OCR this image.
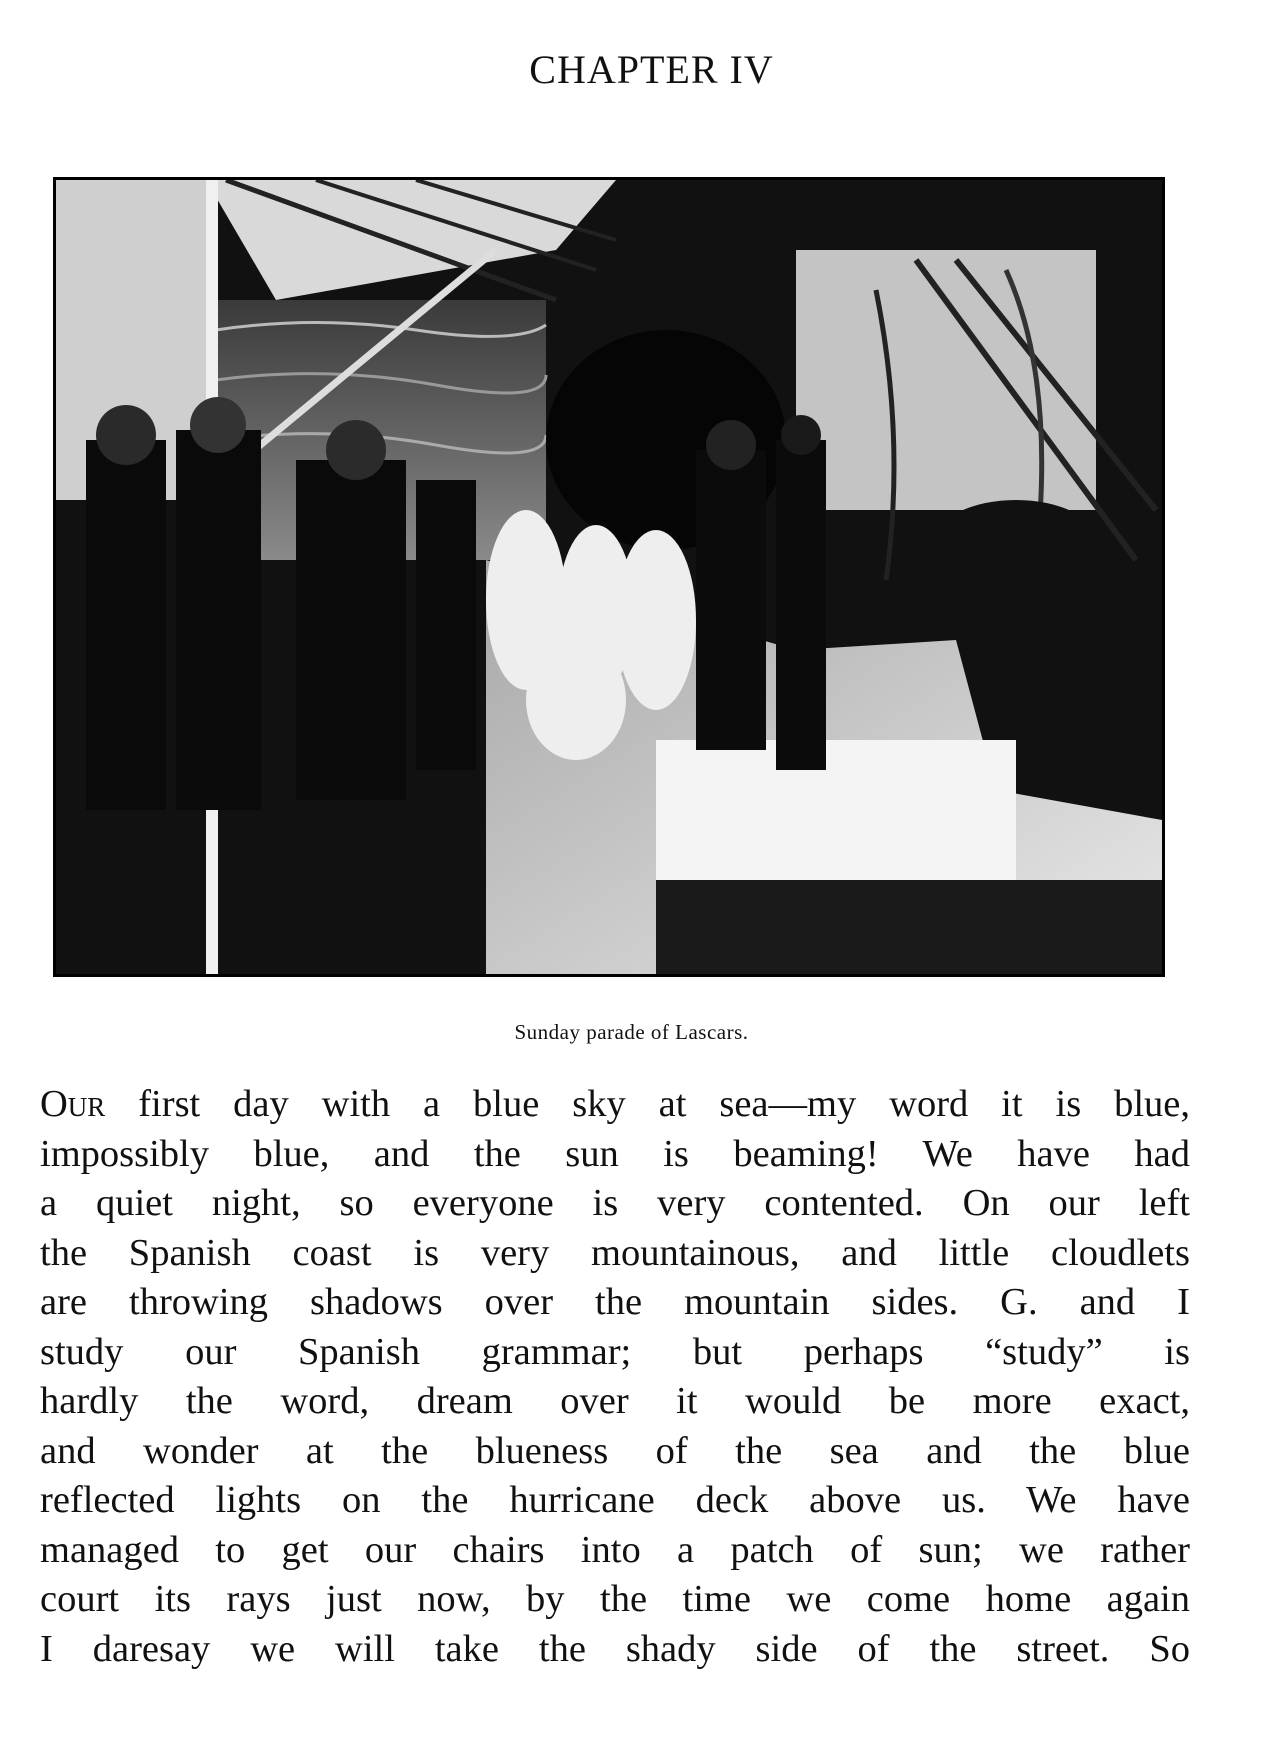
CHAPTER IV
Sunday parade of Lascars.
Our first day with a blue sky at sea—my word it is blue,
impossibly blue, and the sun is beaming! We have had
a quiet night, so everyone is very contented. On our left
the Spanish coast is very mountainous, and little cloudlets
are throwing shadows over the mountain sides. G. and I
study our Spanish grammar; but perhaps “study” is
hardly the word, dream over it would be more exact,
and wonder at the blueness of the sea and the blue
reflected lights on the hurricane deck above us. We have
managed to get our chairs into a patch of sun; we rather
court its rays just now, by the time we come home again
I daresay we will take the shady side of the street. So
